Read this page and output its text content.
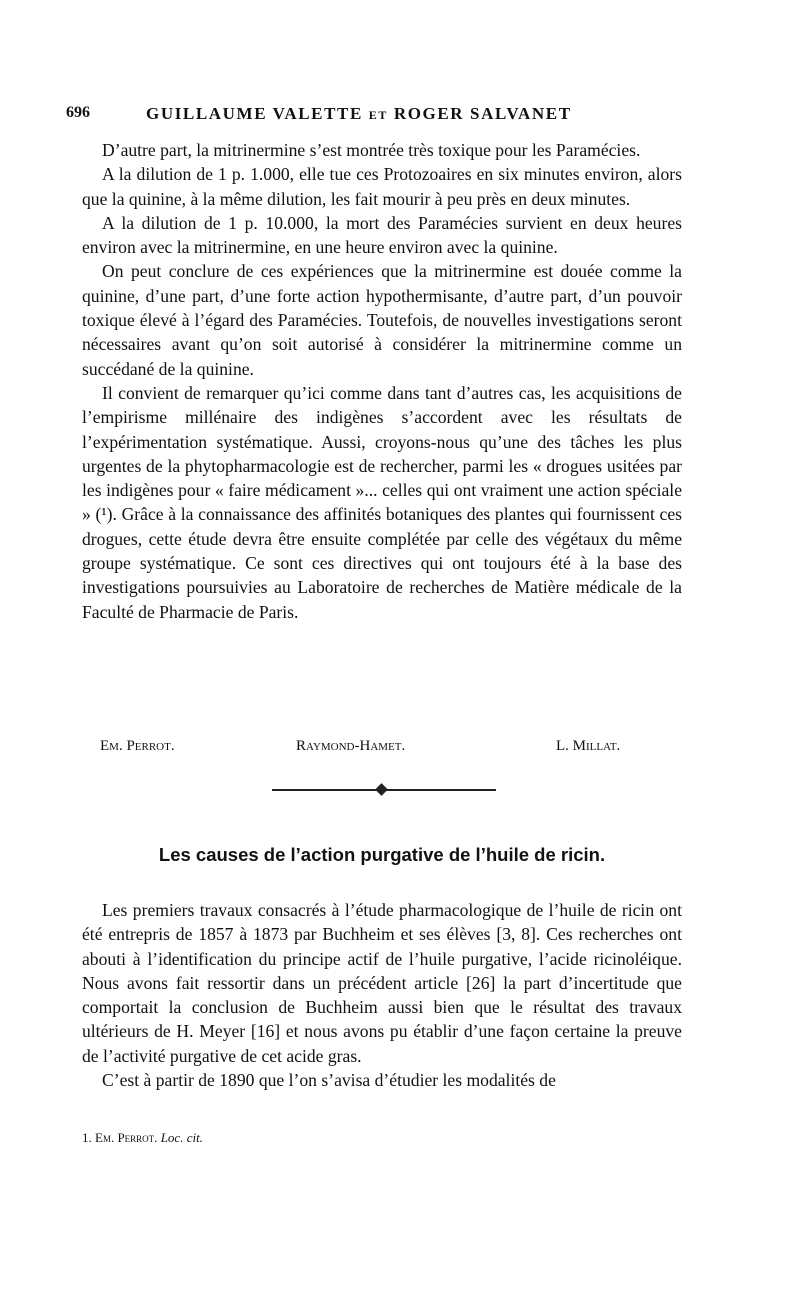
696	GUILLAUME VALETTE et ROGER SALVANET

D’autre part, la mitrinermine s’est montrée très toxique pour les Paramécies.

A la dilution de 1 p. 1.000, elle tue ces Protozoaires en six minutes environ, alors que la quinine, à la même dilution, les fait mourir à peu près en deux minutes.

A la dilution de 1 p. 10.000, la mort des Paramécies survient en deux heures environ avec la mitrinermine, en une heure environ avec la quinine.

On peut conclure de ces expériences que la mitrinermine est douée comme la quinine, d’une part, d’une forte action hypothermisante, d’autre part, d’un pouvoir toxique élevé à l’égard des Paramécies. Toutefois, de nouvelles investigations seront nécessaires avant qu’on soit autorisé à considérer la mitrinermine comme un succédané de la quinine.

Il convient de remarquer qu’ici comme dans tant d’autres cas, les acquisitions de l’empirisme millénaire des indigènes s’accordent avec les résultats de l’expérimentation systématique. Aussi, croyons-nous qu’une des tâches les plus urgentes de la phytopharmacologie est de rechercher, parmi les « drogues usitées par les indigènes pour « faire médicament »... celles qui ont vraiment une action spéciale » (¹). Grâce à la connaissance des affinités botaniques des plantes qui fournissent ces drogues, cette étude devra être ensuite complétée par celle des végétaux du même groupe systématique. Ce sont ces directives qui ont toujours été à la base des investigations poursuivies au Laboratoire de recherches de Matière médicale de la Faculté de Pharmacie de Paris.

Em. Perrot.	Raymond-Hamet.	L. Millat.
Les causes de l’action purgative de l’huile de ricin.

Les premiers travaux consacrés à l’étude pharmacologique de l’huile de ricin ont été entrepris de 1857 à 1873 par Buchheim et ses élèves [3, 8]. Ces recherches ont abouti à l’identification du principe actif de l’huile purgative, l’acide ricinoléique. Nous avons fait ressortir dans un précédent article [26] la part d’incertitude que comportait la conclusion de Buchheim aussi bien que le résultat des travaux ultérieurs de H. Meyer [16] et nous avons pu établir d’une façon certaine la preuve de l’activité purgative de cet acide gras.

C’est à partir de 1890 que l’on s’avisa d’étudier les modalités de

1. Em. Perrot. Loc. cit.
